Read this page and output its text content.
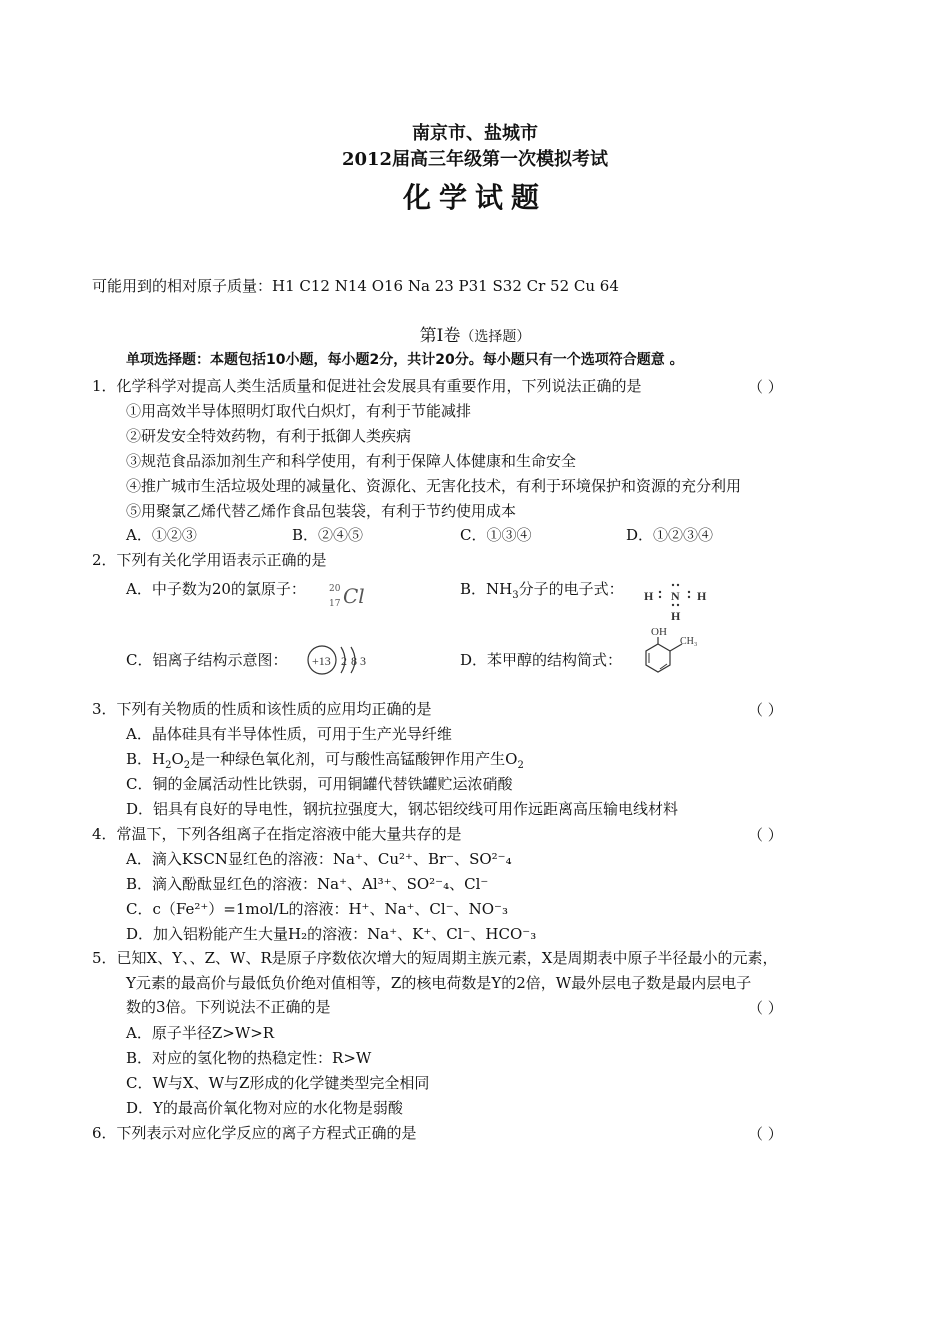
南京市、盐城市
2012届高三年级第一次模拟考试
化学试题
可能用到的相对原子质量：H1 C12 N14 O16 Na 23 P31 S32 Cr 52 Cu 64
第Ⅰ卷（选择题）
单项选择题：本题包括10小题，每小题2分，共计20分。每小题只有一个选项符合题意 。
1．化学科学对提高人类生活质量和促进社会发展具有重要作用，下列说法正确的是	（ ）
①用高效半导体照明灯取代白炽灯，有利于节能减排
②研发安全特效药物，有利于抵御人类疾病
③规范食品添加剂生产和科学使用，有利于保障人体健康和生命安全
④推广城市生活垃圾处理的减量化、资源化、无害化技术，有利于环境保护和资源的充分利用
⑤用聚氯乙烯代替乙烯作食品包装袋，有利于节约使用成本
A．①②③	B．②④⑤	C．①③④	D．①②③④
2．下列有关化学用语表示正确的是
A．中子数为20的氯原子：	20
17 Cl	B．$NH_3$分子的电子式： H N H
H
C．铝离子结构示意图： +13 2 8 3	D．苯甲醇的结构简式：
OH
CH₃
3．下列有关物质的性质和该性质的应用均正确的是	（ ）
A．晶体硅具有半导体性质，可用于生产光导纤维
B．$H_2O_2$是一种绿色氧化剂，可与酸性高锰酸钾作用产生$O_2$
C．铜的金属活动性比铁弱，可用铜罐代替铁罐贮运浓硝酸
D．铝具有良好的导电性，钢抗拉强度大，钢芯铝绞线可用作远距离高压输电线材料
4．常温下，下列各组离子在指定溶液中能大量共存的是	（ ）
A．滴入KSCN显红色的溶液：Na⁺、Cu²⁺、Br⁻、SO²⁻₄
B．滴入酚酞显红色的溶液：Na⁺、Al³⁺、SO²⁻₄、Cl⁻
C．c（Fe²⁺）=1mol/L的溶液：H⁺、Na⁺、Cl⁻、NO⁻₃
D．加入铝粉能产生大量H₂的溶液：Na⁺、K⁺、Cl⁻、HCO⁻₃
5．已知X、Y、、Z、W、R是原子序数依次增大的短周期主族元素，X是周期表中原子半径最小的元素，
Y元素的最高价与最低负价绝对值相等，Z的核电荷数是Y的2倍，W最外层电子数是最内层电子
数的3倍。下列说法不正确的是	（ ）
A．原子半径Z>W>R
B．对应的氢化物的热稳定性：R>W
C．W与X、W与Z形成的化学键类型完全相同
D．Y的最高价氧化物对应的水化物是弱酸
6．下列表示对应化学反应的离子方程式正确的是	（ ）
